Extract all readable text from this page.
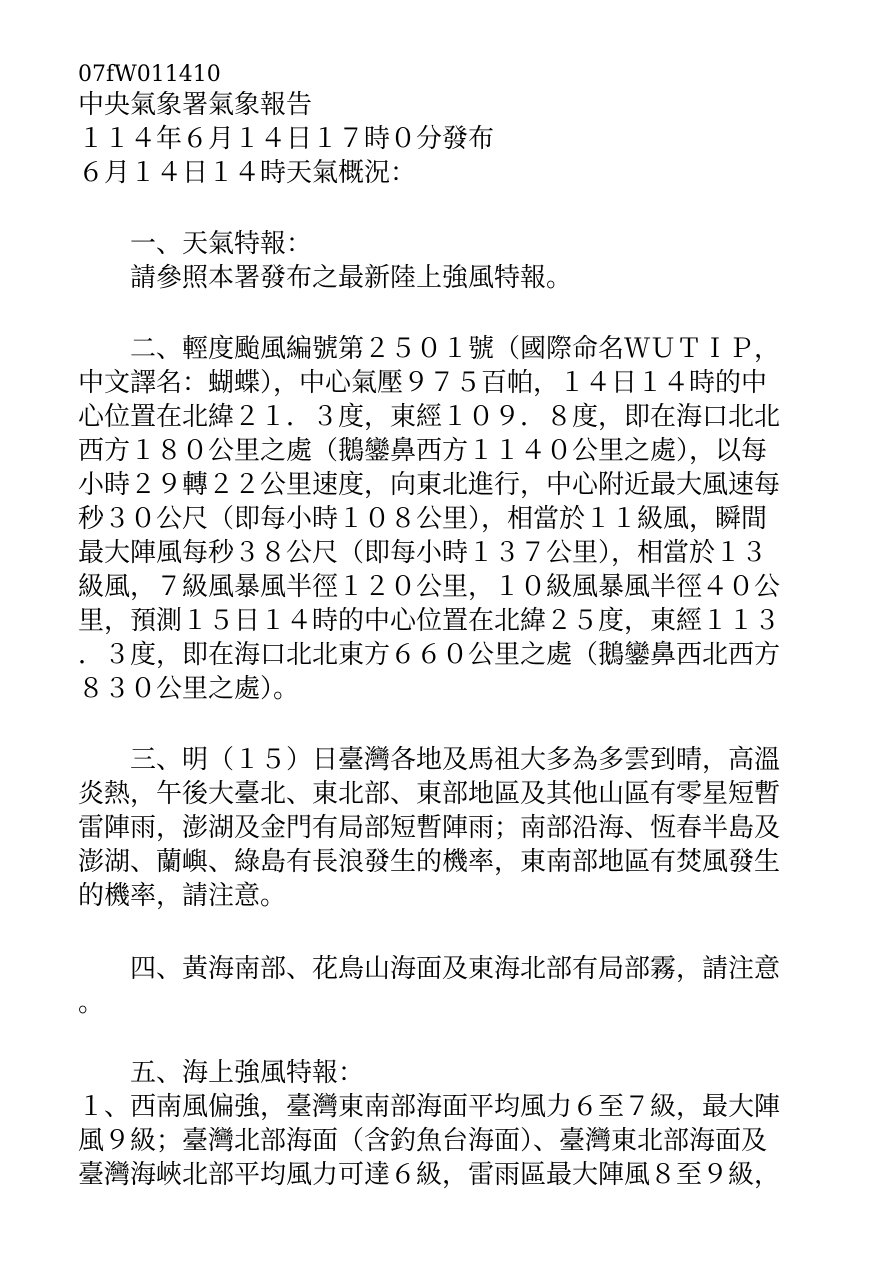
07fW011410
中央氣象署氣象報告
１１４年６月１４日１７時０分發布
６月１４日１４時天氣概況：
一、天氣特報：
請參照本署發布之最新陸上強風特報。
二、輕度颱風編號第２５０１號（國際命名ＷＵＴＩＰ，
中文譯名：蝴蝶），中心氣壓９７５百帕，１４日１４時的中
心位置在北緯２１．３度，東經１０９．８度，即在海口北北
西方１８０公里之處（鵝鑾鼻西方１１４０公里之處），以每
小時２９轉２２公里速度，向東北進行，中心附近最大風速每
秒３０公尺（即每小時１０８公里），相當於１１級風，瞬間
最大陣風每秒３８公尺（即每小時１３７公里），相當於１３
級風，７級風暴風半徑１２０公里，１０級風暴風半徑４０公
里，預測１５日１４時的中心位置在北緯２５度，東經１１３
．３度，即在海口北北東方６６０公里之處（鵝鑾鼻西北西方
８３０公里之處）。
三、明（１５）日臺灣各地及馬祖大多為多雲到晴，高溫
炎熱，午後大臺北、東北部、東部地區及其他山區有零星短暫
雷陣雨，澎湖及金門有局部短暫陣雨；南部沿海、恆春半島及
澎湖、蘭嶼、綠島有長浪發生的機率，東南部地區有焚風發生
的機率，請注意。
四、黃海南部、花鳥山海面及東海北部有局部霧，請注意
。
五、海上強風特報：
１、西南風偏強，臺灣東南部海面平均風力６至７級，最大陣
風９級；臺灣北部海面（含釣魚台海面）、臺灣東北部海面及
臺灣海峽北部平均風力可達６級，雷雨區最大陣風８至９級，
